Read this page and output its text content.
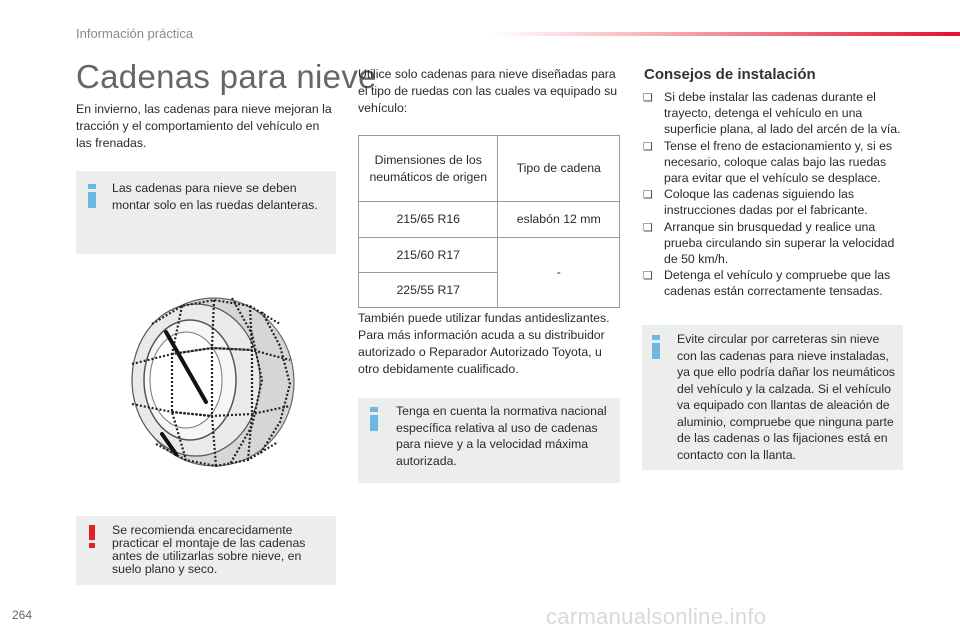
Información práctica
Cadenas para nieve
En invierno, las cadenas para nieve mejoran la tracción y el comportamiento del vehículo en las frenadas.
Las cadenas para nieve se deben montar solo en las ruedas delanteras.
Se recomienda encarecidamente practicar el montaje de las cadenas antes de utilizarlas sobre nieve, en suelo plano y seco.
Utilice solo cadenas para nieve diseñadas para el tipo de ruedas con las cuales va equipado su vehículo:
Dimensiones de los neumáticos de origen	Tipo de cadena
215/65 R16	eslabón 12 mm
215/60 R17	-
225/55 R17	
También puede utilizar fundas antideslizantes. Para más información acuda a su distribuidor autorizado o Reparador Autorizado Toyota, u otro debidamente cualificado.
Tenga en cuenta la normativa nacional específica relativa al uso de cadenas para nieve y a la velocidad máxima autorizada.
Consejos de instalación
❏ Si debe instalar las cadenas durante el trayecto, detenga el vehículo en una superficie plana, al lado del arcén de la vía.
❏ Tense el freno de estacionamiento y, si es necesario, coloque calas bajo las ruedas para evitar que el vehículo se desplace.
❏ Coloque las cadenas siguiendo las instrucciones dadas por el fabricante.
❏ Arranque sin brusquedad y realice una prueba circulando sin superar la velocidad de 50 km/h.
❏ Detenga el vehículo y compruebe que las cadenas están correctamente tensadas.
Evite circular por carreteras sin nieve con las cadenas para nieve instaladas, ya que ello podría dañar los neumáticos del vehículo y la calzada. Si el vehículo va equipado con llantas de aleación de aluminio, compruebe que ninguna parte de las cadenas o las fijaciones está en contacto con la llanta.
264	carmanualsonline.info
